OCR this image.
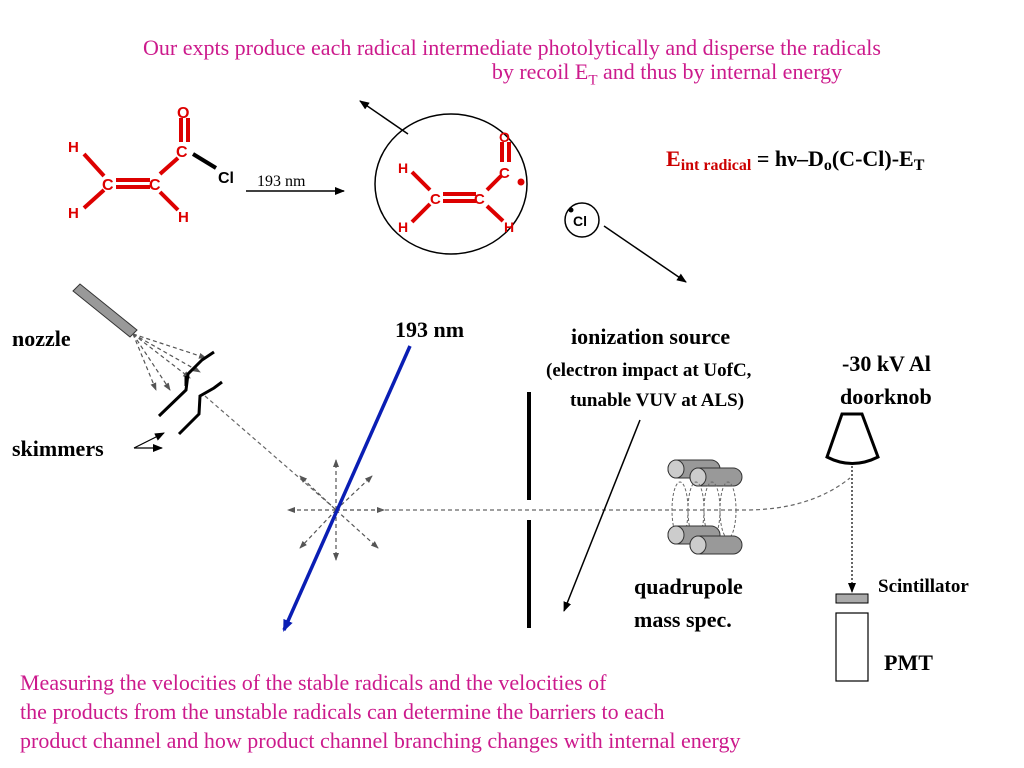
Our expts produce each radical intermediate photolytically and disperse the radicals
by recoil $E_T$ and thus by internal energy
H
H
C C
C
O
H
Cl 193 nm
H
H
C C
C
O
H	Cl
$E_{int radical} = h\nu-D_o(C-Cl)-E_T$
nozzle
skimmers
193 nm	ionization source
(electron impact at UofC,
tunable VUV at ALS)
-30 kV Al
doorknob
quadrupole
mass spec.
Scintillator
PMT
Measuring the velocities of the stable radicals and the velocities of
the products from the unstable radicals can determine the barriers to each
product channel and how product channel branching changes with internal energy
